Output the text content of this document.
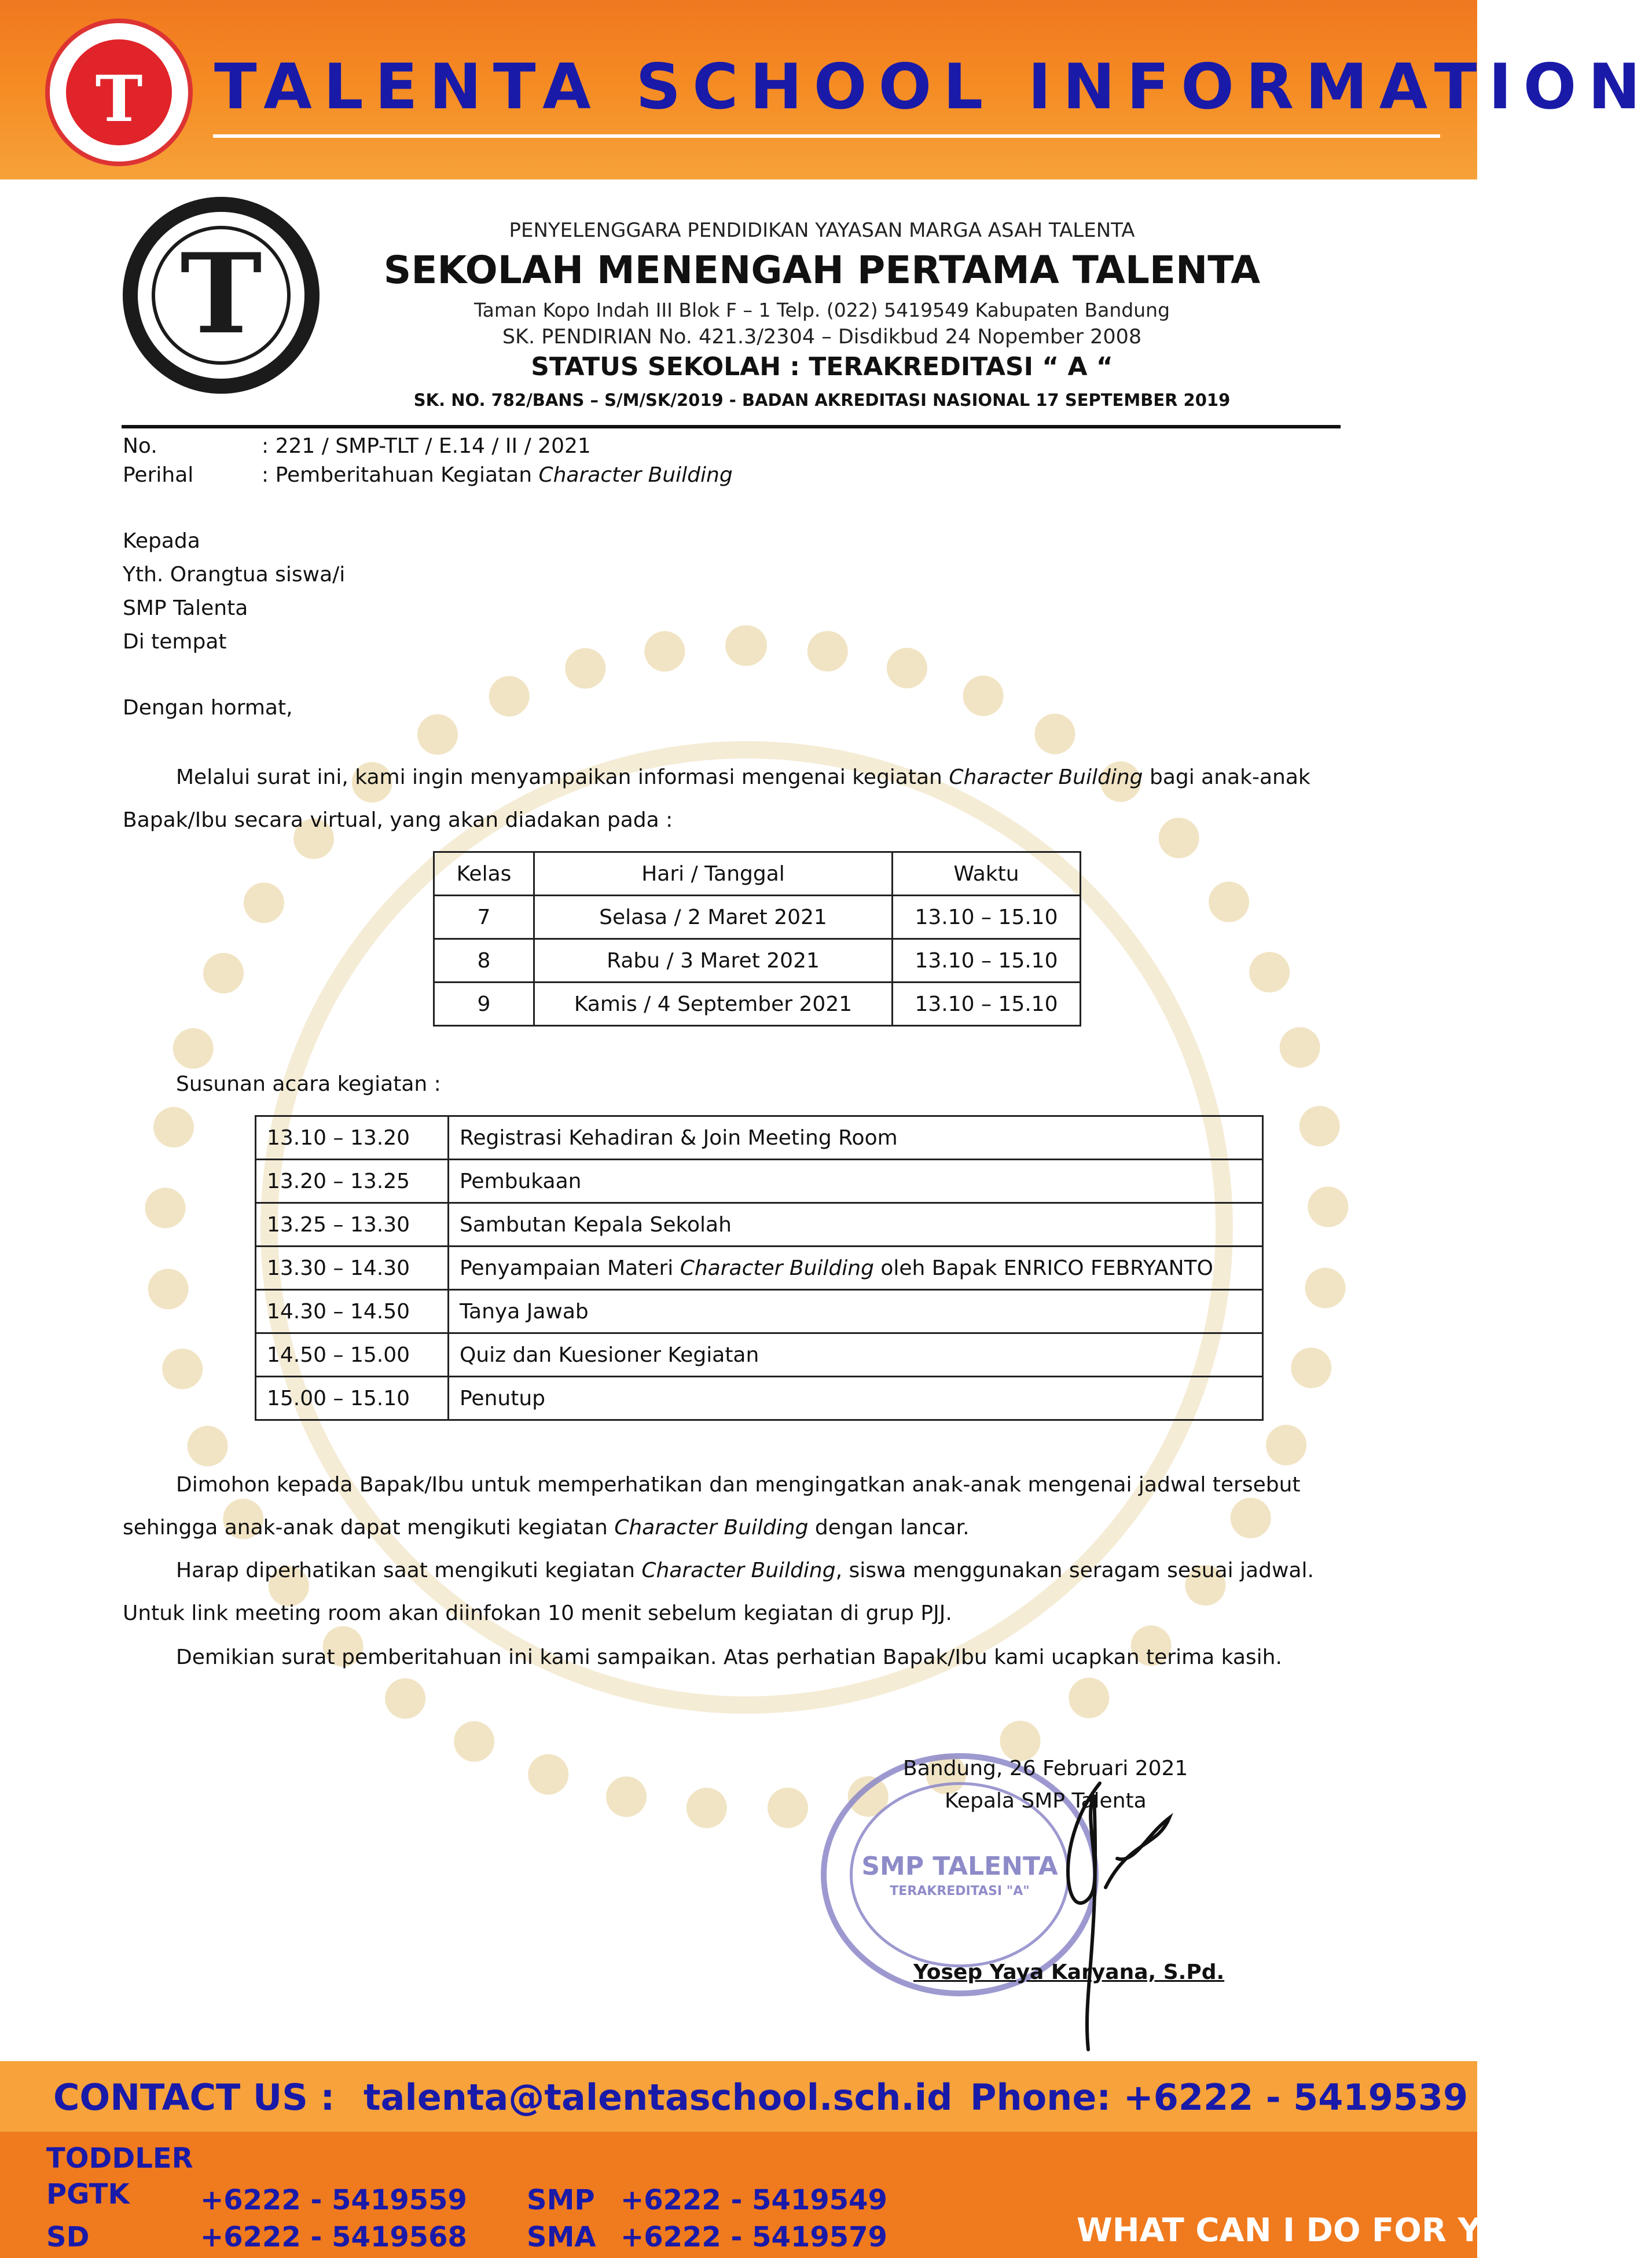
T	TALENTA SCHOOL INFORMATION
T	PENYELENGGARA PENDIDIKAN YAYASAN MARGA ASAH TALENTA
SEKOLAH MENENGAH PERTAMA TALENTA
Taman Kopo Indah III Blok F – 1 Telp. (022) 5419549 Kabupaten Bandung
SK. PENDIRIAN No. 421.3/2304 – Disdikbud 24 Nopember 2008
STATUS SEKOLAH : TERAKREDITASI “ A “
SK. NO. 782/BANS – S/M/SK/2019 - BADAN AKREDITASI NASIONAL 17 SEPTEMBER 2019
No.	: 221 / SMP-TLT / E.14 / II / 2021
Perihal	: Pemberitahuan Kegiatan Character Building
Kepada
Yth. Orangtua siswa/i
SMP Talenta
Di tempat
Dengan hormat,
Melalui surat ini, kami ingin menyampaikan informasi mengenai kegiatan Character Building bagi anak-anak
Bapak/Ibu secara virtual, yang akan diadakan pada :
Kelas	Hari / Tanggal	Waktu
7	Selasa / 2 Maret 2021	13.10 – 15.10
8	Rabu / 3 Maret 2021	13.10 – 15.10
9	Kamis / 4 September 2021	13.10 – 15.10
Susunan acara kegiatan :
13.10 – 13.20	Registrasi Kehadiran & Join Meeting Room
13.20 – 13.25	Pembukaan
13.25 – 13.30	Sambutan Kepala Sekolah
13.30 – 14.30	Penyampaian Materi Character Building oleh Bapak ENRICO FEBRYANTO
14.30 – 14.50	Tanya Jawab
14.50 – 15.00	Quiz dan Kuesioner Kegiatan
15.00 – 15.10	Penutup
Dimohon kepada Bapak/Ibu untuk memperhatikan dan mengingatkan anak-anak mengenai jadwal tersebut
sehingga anak-anak dapat mengikuti kegiatan Character Building dengan lancar.
Harap diperhatikan saat mengikuti kegiatan Character Building, siswa menggunakan seragam sesuai jadwal.
Untuk link meeting room akan diinfokan 10 menit sebelum kegiatan di grup PJJ.
Demikian surat pemberitahuan ini kami sampaikan. Atas perhatian Bapak/Ibu kami ucapkan terima kasih.
SMP TALENTA
TERAKREDITASI "A"
Bandung, 26 Februari 2021
Kepala SMP Talenta
Yosep Yaya Karyana, S.Pd.
CONTACT US : talenta@talentaschool.sch.id Phone: +6222 - 5419539
TODDLER
PGTK	+6222 - 5419559
SD	+6222 - 5419568
SMP +6222 - 5419549
SMA +6222 - 5419579	WHAT CAN I DO FOR YOU ?
